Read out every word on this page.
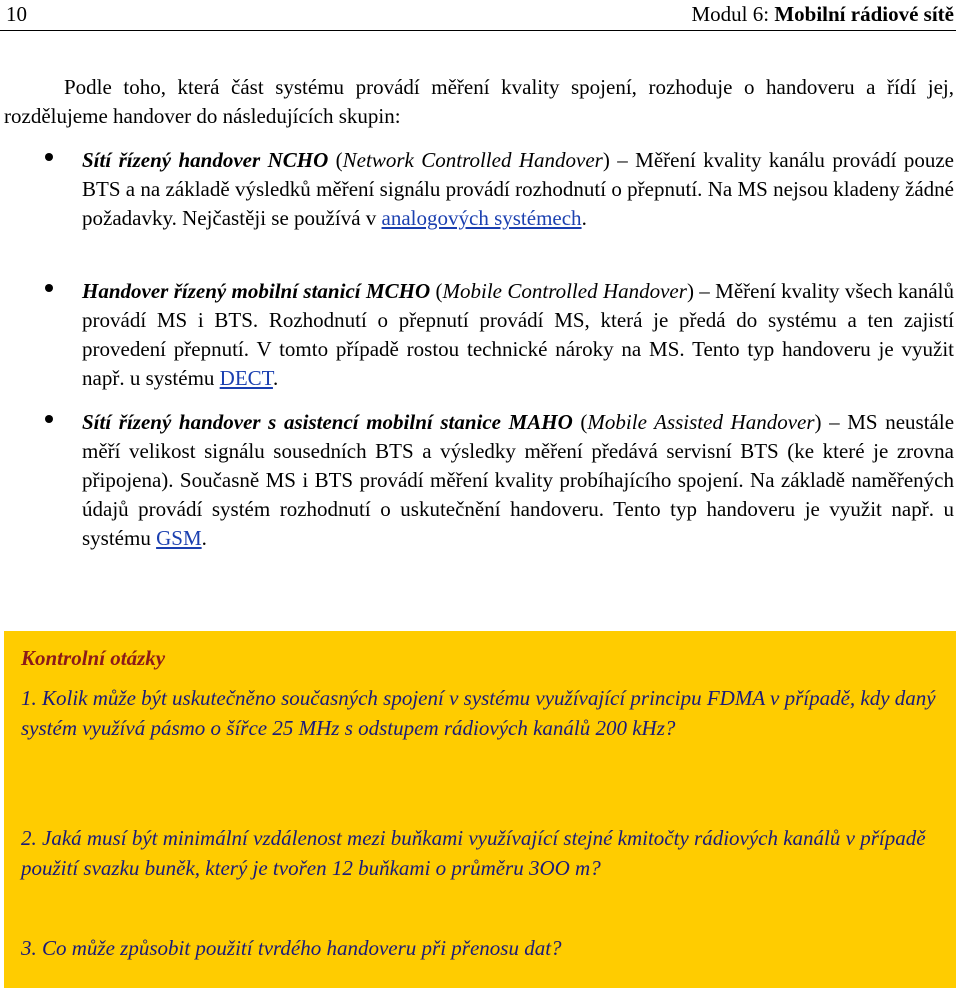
10	Modul 6: Mobilní rádiové sítě

Podle toho, která část systému provádí měření kvality spojení, rozhoduje o handoveru a řídí jej, rozdělujeme handover do následujících skupin:

Sítí řízený handover NCHO (Network Controlled Handover) – Měření kvality kanálu provádí pouze BTS a na základě výsledků měření signálu provádí rozhodnutí o přepnutí. Na MS nejsou kladeny žádné požadavky. Nejčastěji se používá v analogových systémech.
Handover řízený mobilní stanicí MCHO (Mobile Controlled Handover) – Měření kvality všech kanálů provádí MS i BTS. Rozhodnutí o přepnutí provádí MS, která je předá do systému a ten zajistí provedení přepnutí. V tomto případě rostou technické nároky na MS. Tento typ handoveru je využit např. u systému DECT.
Sítí řízený handover s asistencí mobilní stanice MAHO (Mobile Assisted Handover) – MS neustále měří velikost signálu sousedních BTS a výsledky měření předává servisní BTS (ke které je zrovna připojena). Současně MS i BTS provádí měření kvality probíhajícího spojení. Na základě naměřených údajů provádí systém rozhodnutí o uskutečnění handoveru. Tento typ handoveru je využit např. u systému GSM.
Kontrolní otázky
1. Kolik může být uskutečněno současných spojení v systému využívající principu FDMA v případě, kdy daný systém využívá pásmo o šířce 25 MHz s odstupem rádiových kanálů 200 kHz?
2. Jaká musí být minimální vzdálenost mezi buňkami využívající stejné kmitočty rádiových kanálů v případě použití svazku buněk, který je tvořen 12 buňkami o průměru 3OO m?
3. Co může způsobit použití tvrdého handoveru při přenosu dat?
